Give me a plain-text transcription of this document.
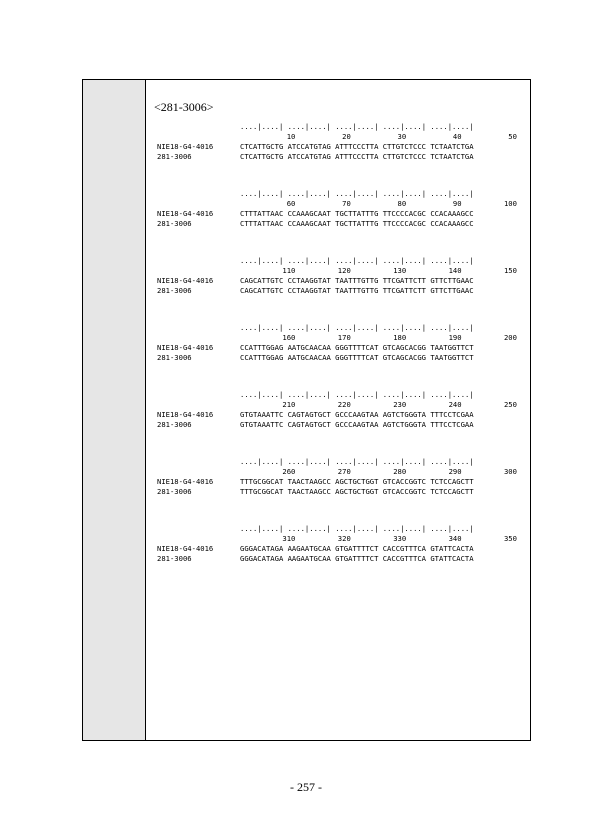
<281-3006>
....|....| ....|....| ....|....| ....|....| ....|....|
10	20	30	40	50
NIE18-G4-4016	CTCATTGCTG ATCCATGTAG ATTTCCCTTA CTTGTCTCCC TCTAATCTGA
281-3006	CTCATTGCTG ATCCATGTAG ATTTCCCTTA CTTGTCTCCC TCTAATCTGA
....|....| ....|....| ....|....| ....|....| ....|....|
60	70	80	90	100
NIE18-G4-4016	CTTTATTAAC CCAAAGCAAT TGCTTATTTG TTCCCCACGC CCACAAAGCC
281-3006	CTTTATTAAC CCAAAGCAAT TGCTTATTTG TTCCCCACGC CCACAAAGCC
....|....| ....|....| ....|....| ....|....| ....|....|
110	120	130	140	150
NIE18-G4-4016	CAGCATTGTC CCTAAGGTAT TAATTTGTTG TTCGATTCTT GTTCTTGAAC
281-3006	CAGCATTGTC CCTAAGGTAT TAATTTGTTG TTCGATTCTT GTTCTTGAAC
....|....| ....|....| ....|....| ....|....| ....|....|
160	170	180	190	200
NIE18-G4-4016	CCATTTGGAG AATGCAACAA GGGTTTTCAT GTCAGCACGG TAATGGTTCT
281-3006	CCATTTGGAG AATGCAACAA GGGTTTTCAT GTCAGCACGG TAATGGTTCT
....|....| ....|....| ....|....| ....|....| ....|....|
210	220	230	240	250
NIE18-G4-4016	GTGTAAATTC CAGTAGTGCT GCCCAAGTAA AGTCTGGGTA TTTCCTCGAA
281-3006	GTGTAAATTC CAGTAGTGCT GCCCAAGTAA AGTCTGGGTA TTTCCTCGAA
....|....| ....|....| ....|....| ....|....| ....|....|
260	270	280	290	300
NIE18-G4-4016	TTTGCGGCAT TAACTAAGCC AGCTGCTGGT GTCACCGGTC TCTCCAGCTT
281-3006	TTTGCGGCAT TAACTAAGCC AGCTGCTGGT GTCACCGGTC TCTCCAGCTT
....|....| ....|....| ....|....| ....|....| ....|....|
310	320	330	340	350
NIE18-G4-4016	GGGACATAGA AAGAATGCAA GTGATTTTCT CACCGTTTCA GTATTCACTA
281-3006	GGGACATAGA AAGAATGCAA GTGATTTTCT CACCGTTTCA GTATTCACTA
- 257 -
